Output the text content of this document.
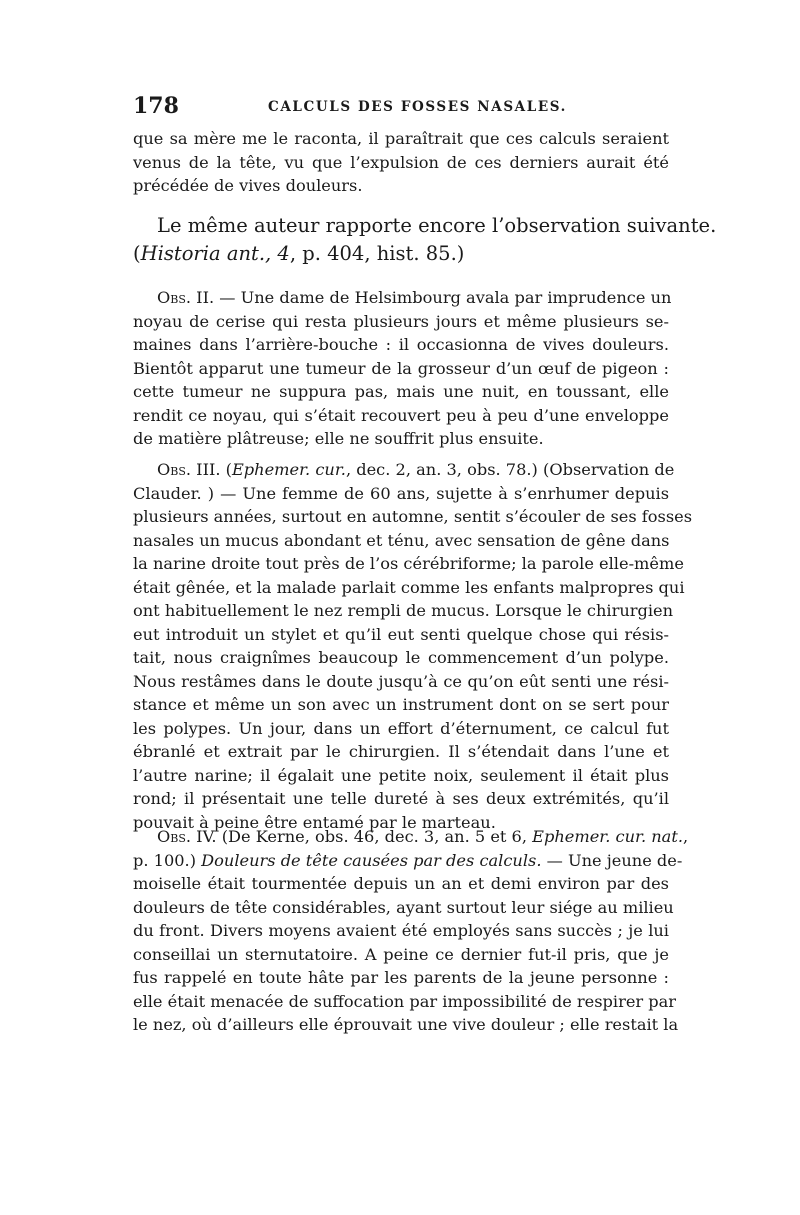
178	CALCULS DES FOSSES NASALES.
que sa mère me le raconta, il paraîtrait que ces calculs seraient
venus de la tête, vu que l’expulsion de ces derniers aurait été
précédée de vives douleurs.
Le même auteur rapporte encore l’observation suivante.
(Historia ant., 4, p. 404, hist. 85.)
Obs. II. — Une dame de Helsimbourg avala par imprudence un
noyau de cerise qui resta plusieurs jours et même plusieurs se-
maines dans l’arrière-bouche : il occasionna de vives douleurs.
Bientôt apparut une tumeur de la grosseur d’un œuf de pigeon :
cette tumeur ne suppura pas, mais une nuit, en toussant, elle
rendit ce noyau, qui s’était recouvert peu à peu d’une enveloppe
de matière plâtreuse; elle ne souffrit plus ensuite.
Obs. III. (Ephemer. cur., dec. 2, an. 3, obs. 78.) (Observation de
Clauder. ) — Une femme de 60 ans, sujette à s’enrhumer depuis
plusieurs années, surtout en automne, sentit s’écouler de ses fosses
nasales un mucus abondant et ténu, avec sensation de gêne dans
la narine droite tout près de l’os cérébriforme; la parole elle-même
était gênée, et la malade parlait comme les enfants malpropres qui
ont habituellement le nez rempli de mucus. Lorsque le chirurgien
eut introduit un stylet et qu’il eut senti quelque chose qui résis-
tait, nous craignîmes beaucoup le commencement d’un polype.
Nous restâmes dans le doute jusqu’à ce qu’on eût senti une rési-
stance et même un son avec un instrument dont on se sert pour
les polypes. Un jour, dans un effort d’éternument, ce calcul fut
ébranlé et extrait par le chirurgien. Il s’étendait dans l’une et
l’autre narine; il égalait une petite noix, seulement il était plus
rond; il présentait une telle dureté à ses deux extrémités, qu’il
pouvait à peine être entamé par le marteau.
Obs. IV. (De Kerne, obs. 46, dec. 3, an. 5 et 6, Ephemer. cur. nat.,
p. 100.) Douleurs de tête causées par des calculs. — Une jeune de-
moiselle était tourmentée depuis un an et demi environ par des
douleurs de tête considérables, ayant surtout leur siége au milieu
du front. Divers moyens avaient été employés sans succès ; je lui
conseillai un sternutatoire. A peine ce dernier fut-il pris, que je
fus rappelé en toute hâte par les parents de la jeune personne :
elle était menacée de suffocation par impossibilité de respirer par
le nez, où d’ailleurs elle éprouvait une vive douleur ; elle restait la
